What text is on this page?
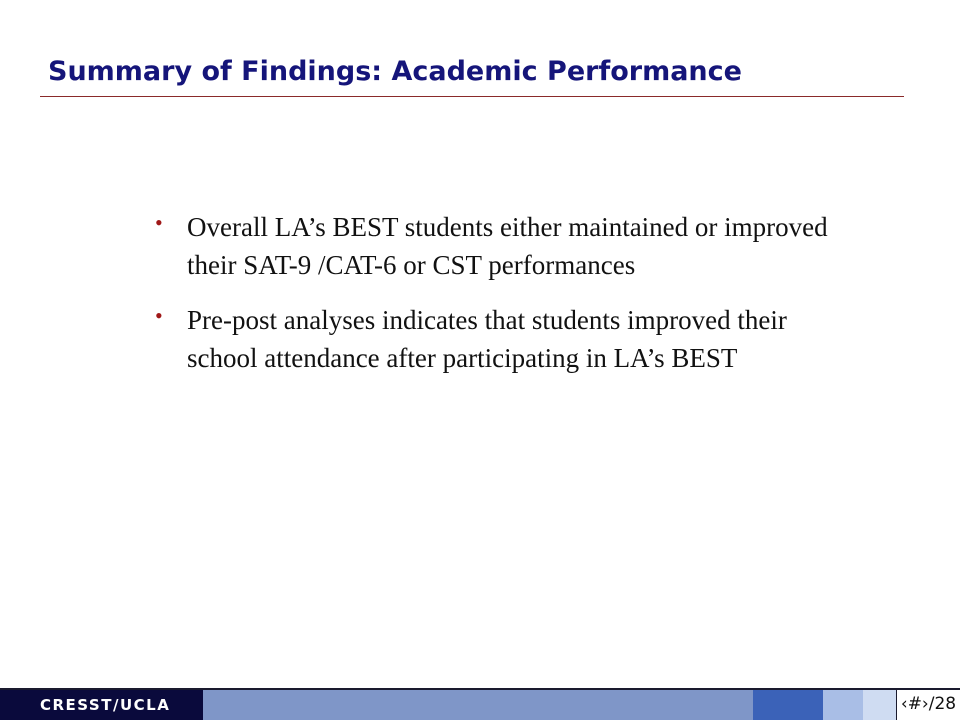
Summary of Findings: Academic Performance
• Overall LA’s BEST students either maintained or improved their SAT-9 /CAT-6 or CST performances
• Pre-post analyses indicates that students improved their school attendance after participating in LA’s BEST
CRESST/UCLA	‹#›/28
